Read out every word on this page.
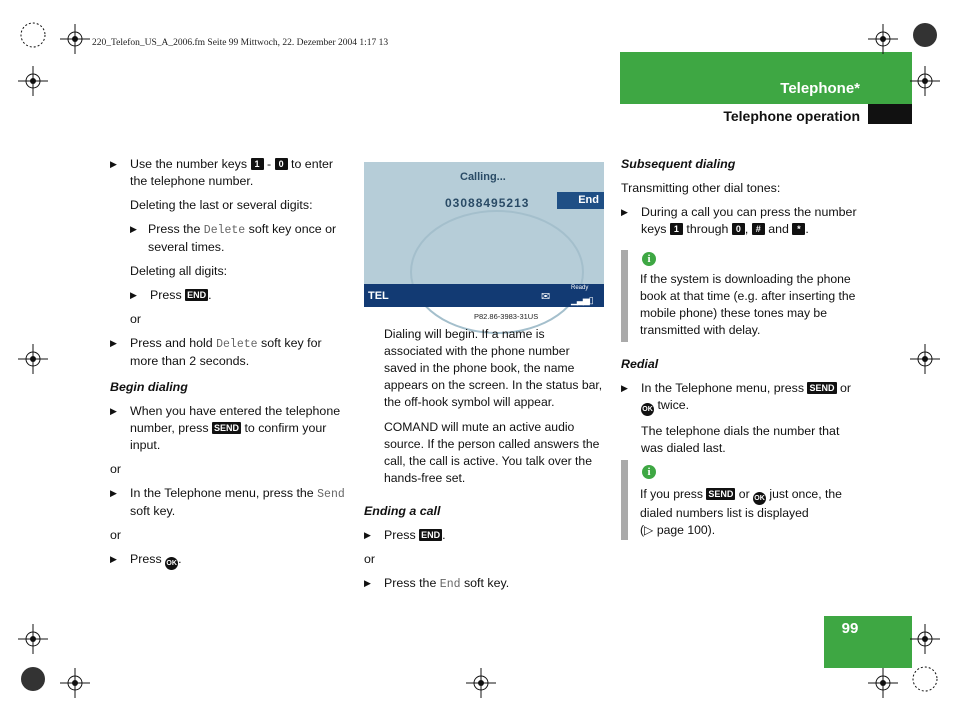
220_Telefon_US_A_2006.fm Seite 99 Mittwoch, 22. Dezember 2004 1:17 13
Telephone*
Telephone operation

▶ Use the number keys 1 - 0 to enter the telephone number.

Deleting the last or several digits:

▶ Press the Delete soft key once or several times.

Deleting all digits:

▶ Press END .

or

▶ Press and hold Delete soft key for more than 2 seconds.

Begin dialing

▶ When you have entered the telephone number, press SEND to confirm your input.

or

▶ In the Telephone menu, press the Send soft key.

or

▶ Press OK.

Calling...
03088495213	End
TEL	✉
Ready
▁▃▅▯
P82.86-3983-31US

Dialing will begin. If a name is associated with the phone number saved in the phone book, the name appears on the screen. In the status bar, the off-hook symbol will appear.

COMAND will mute an active audio source. If the person called answers the call, the call is active. You talk over the hands-free set.

Ending a call

▶ Press END .

or

▶ Press the End soft key.

Subsequent dialing

Transmitting other dial tones:

▶ During a call you can press the number keys 1 through 0 , # and * .

i

If the system is downloading the phone book at that time (e.g. after inserting the mobile phone) these tones may be transmitted with delay.

Redial

▶ In the Telephone menu, press SEND or OK twice.

The telephone dials the number that was dialed last.

i

If you press SEND or OK just once, the dialed numbers list is displayed

(▷ page 100).

99
